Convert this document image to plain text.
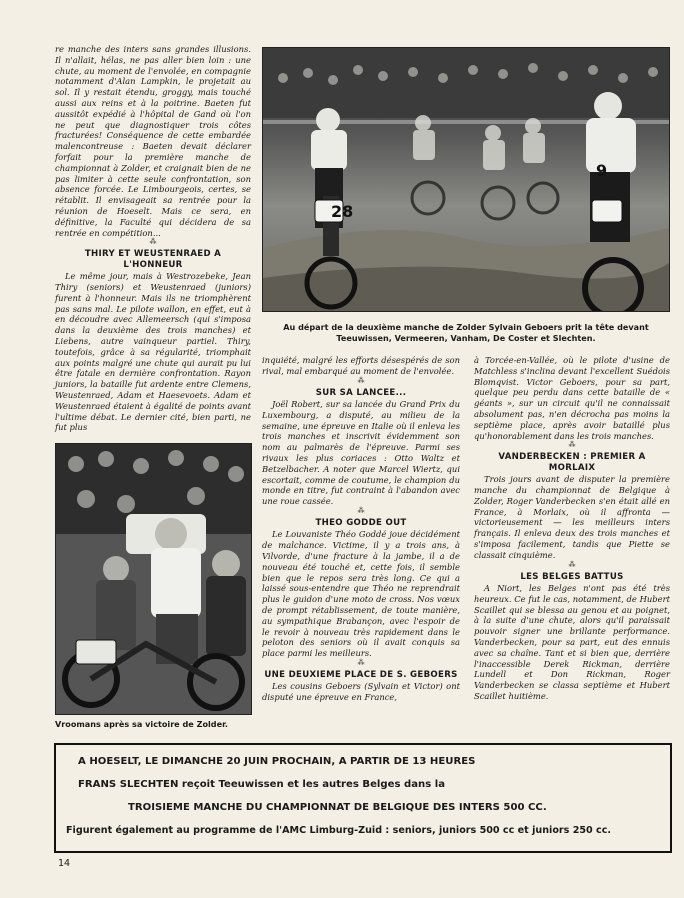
re manche des inters sans grandes illusions. Il n'allait, hélas, ne pas aller bien loin : une chute, au moment de l'envolée, en compagnie notamment d'Alan Lampkin, le projetait au sol. Il y restait étendu, groggy, mais touché aussi aux reins et à la poitrine. Baeten fut aussitôt expédié à l'hôpital de Gand où l'on ne peut que diagnostiquer trois côtes fracturées! Conséquence de cette embardée malencontreuse : Baeten devait déclarer forfait pour la première manche de championnat à Zolder, et craignait bien de ne pas limiter à cette seule confrontation, son absence forcée. Le Limbourgeois, certes, se rétablit. Il envisageait sa rentrée pour la réunion de Hoeselt. Mais ce sera, en définitive, la Faculté qui décidera de sa rentrée en compétition...

⁂
THIRY ET WEUSTENRAED A L'HONNEUR

Le même jour, mais à Westrozebeke, Jean Thiry (seniors) et Weustenraed (juniors) furent à l'honneur. Mais ils ne triomphèrent pas sans mal. Le pilote wallon, en effet, eut à en découdre avec Allemeersch (qui s'imposa dans la deuxième des trois manches) et Liebens, autre vainqueur partiel. Thiry, toutefois, grâce à sa régularité, triomphait aux points malgré une chute qui aurait pu lui être fatale en dernière confrontation. Rayon juniors, la bataille fut ardente entre Clemens, Weustenraed, Adam et Haesevoets. Adam et Weustenraed étaient à égalité de points avant l'ultime débat. Le dernier cité, bien parti, ne fut plus

28
9
Au départ de la deuxième manche de Zolder Sylvain Geboers prit la tête devant Teeuwissen, Vermeeren, Vanham, De Coster et Slechten.
Vroomans après sa victoire de Zolder.

inquiété, malgré les efforts désespérés de son rival, mal embarqué au moment de l'envolée.

⁂
SUR SA LANCEE...

Joël Robert, sur sa lancée du Grand Prix du Luxembourg, a disputé, au milieu de la semaine, une épreuve en Italie où il enleva les trois manches et inscrivit évidemment son nom au palmarès de l'épreuve. Parmi ses rivaux les plus coriaces : Otto Waltz et Betzelbacher. A noter que Marcel Wiertz, qui escortait, comme de coutume, le champion du monde en titre, fut contraint à l'abandon avec une roue cassée.

⁂
THEO GODDE OUT

Le Louvaniste Théo Goddé joue décidément de malchance. Victime, il y a trois ans, à Vilvorde, d'une fracture à la jambe, il a de nouveau été touché et, cette fois, il semble bien que le repos sera très long. Ce qui a laissé sous-entendre que Théo ne reprendrait plus le guidon d'une moto de cross. Nos vœux de prompt rétablissement, de toute manière, au sympathique Brabançon, avec l'espoir de le revoir à nouveau très rapidement dans le peloton des seniors où il avait conquis sa place parmi les meilleurs.

⁂
UNE DEUXIEME PLACE DE S. GEBOERS

Les cousins Geboers (Sylvain et Victor) ont disputé une épreuve en France,

à Torcée-en-Vallée, où le pilote d'usine de Matchless s'inclina devant l'excellent Suédois Blomqvist. Victor Geboers, pour sa part, quelque peu perdu dans cette bataille de « géants », sur un circuit qu'il ne connaissait absolument pas, n'en décrocha pas moins la septième place, après avoir bataillé plus qu'honorablement dans les trois manches.

⁂
VANDERBECKEN : PREMIER A MORLAIX

Trois jours avant de disputer la première manche du championnat de Belgique à Zolder, Roger Vanderbecken s'en était allé en France, à Morlaix, où il affronta — victorieusement — les meilleurs inters français. Il enleva deux des trois manches et s'imposa facilement, tandis que Piette se classait cinquième.

⁂
LES BELGES BATTUS

A Niort, les Belges n'ont pas été très heureux. Ce fut le cas, notamment, de Hubert Scaillet qui se blessa au genou et au poignet, à la suite d'une chute, alors qu'il paraissait pouvoir signer une brillante performance. Vanderbecken, pour sa part, eut des ennuis avec sa chaîne. Tant et si bien que, derrière l'inaccessible Derek Rickman, derrière Lundell et Don Rickman, Roger Vanderbecken se classa septième et Hubert Scaillet huitième.

A HOESELT, LE DIMANCHE 20 JUIN PROCHAIN, A PARTIR DE 13 HEURES
FRANS SLECHTEN reçoit Teeuwissen et les autres Belges dans la
TROISIEME MANCHE DU CHAMPIONNAT DE BELGIQUE DES INTERS 500 CC.
Figurent également au programme de l'AMC Limburg-Zuid : seniors, juniors 500 cc et juniors 250 cc.
14
